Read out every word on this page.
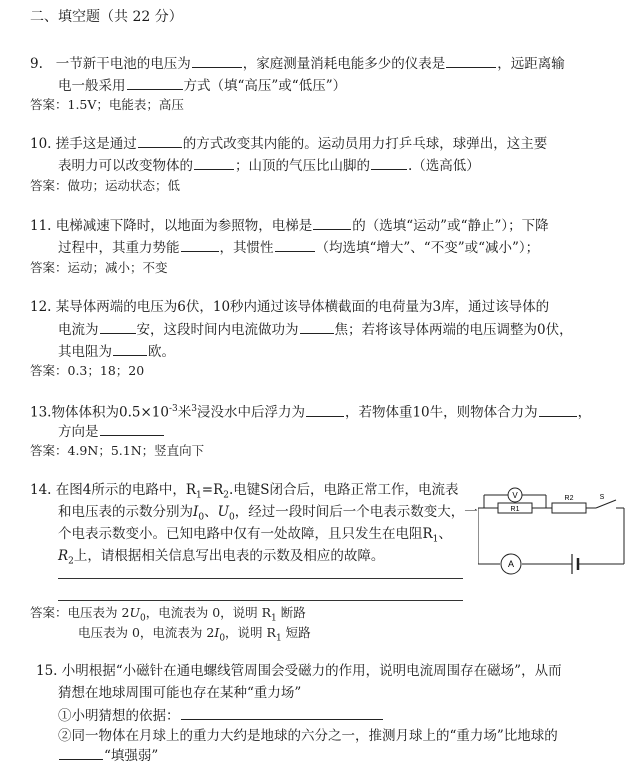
二、填空题（共 22 分）
9. 一节新干电池的电压为	，家庭测量消耗电能多少的仪表是	，远距离输
电一般采用	方式（填“高压”或“低压”）
答案：1.5V；电能表；高压
10. 搓手这是通过	的方式改变其内能的。运动员用力打乒乓球，球弹出，这主要
表明力可以改变物体的	；山顶的气压比山脚的	.（选高低）
答案：做功；运动状态；低
11. 电梯减速下降时，以地面为参照物，电梯是	的（选填“运动”或“静止”）；下降
过程中，其重力势能	，其惯性	（均选填“增大”、“不变”或“减小”）；
答案：运动；减小；不变
12. 某导体两端的电压为6伏，10秒内通过该导体横截面的电荷量为3库，通过该导体的
电流为	安，这段时间内电流做功为	焦；若将该导体两端的电压调整为0伏，
其电阻为	欧。
答案：0.3；18；20
13.物体体积为$0.5\times 10^{-3}$米$^3$浸没水中后浮力为	，若物体重10牛，则物体合力为	，
方向是
答案：4.9N；5.1N；竖直向下
14. 在图4所示的电路中，$R_1=R_2$.电键S闭合后，电路正常工作，电流表
和电压表的示数分别为$I_0$、$U_0$，经过一段时间后一个电表示数变大，一
个电表示数变小。已知电路中仅有一处故障，且只发生在电阻$R_1$、
$R_2$上，请根据相关信息写出电表的示数及相应的故障。
V
A
R1
R2	S
答案：电压表为 $2U_0$，电流表为 0，说明 $R_1$ 断路
电压表为 0，电流表为 $2I_0$，说明 $R_1$ 短路
15. 小明根据“小磁针在通电螺线管周围会受磁力的作用，说明电流周围存在磁场”，从而
猜想在地球周围可能也存在某种“重力场”
①小明猜想的依据：
②同一物体在月球上的重力大约是地球的六分之一，推测月球上的“重力场”比地球的
“填强弱”
